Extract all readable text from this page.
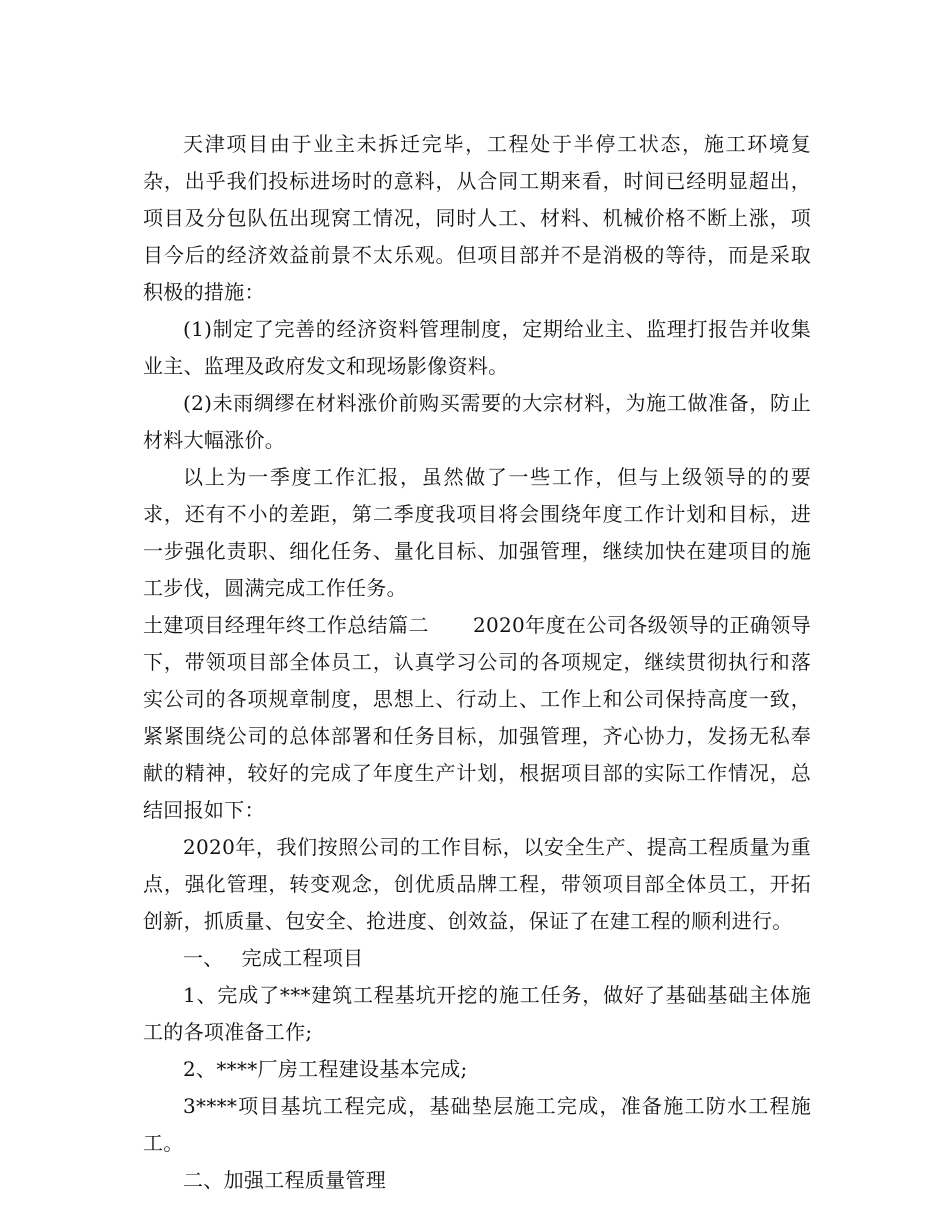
天津项目由于业主未拆迁完毕，工程处于半停工状态，施工环境复杂，出乎我们投标进场时的意料，从合同工期来看，时间已经明显超出，项目及分包队伍出现窝工情况，同时人工、材料、机械价格不断上涨，项目今后的经济效益前景不太乐观。但项目部并不是消极的等待，而是采取积极的措施：

(1)制定了完善的经济资料管理制度，定期给业主、监理打报告并收集业主、监理及政府发文和现场影像资料。

(2)未雨绸缪在材料涨价前购买需要的大宗材料，为施工做准备，防止材料大幅涨价。

以上为一季度工作汇报，虽然做了一些工作，但与上级领导的的要求，还有不小的差距，第二季度我项目将会围绕年度工作计划和目标，进一步强化责职、细化任务、量化目标、加强管理，继续加快在建项目的施工步伐，圆满完成工作任务。

土建项目经理年终工作总结篇二 2020年度在公司各级领导的正确领导下，带领项目部全体员工，认真学习公司的各项规定，继续贯彻执行和落实公司的各项规章制度，思想上、行动上、工作上和公司保持高度一致，紧紧围绕公司的总体部署和任务目标，加强管理，齐心协力，发扬无私奉献的精神，较好的完成了年度生产计划，根据项目部的实际工作情况，总结回报如下：

2020年，我们按照公司的工作目标，以安全生产、提高工程质量为重点，强化管理，转变观念，创优质品牌工程，带领项目部全体员工，开拓创新，抓质量、包安全、抢进度、创效益，保证了在建工程的顺利进行。

一、 完成工程项目

1、完成了***建筑工程基坑开挖的施工任务，做好了基础基础主体施工的各项准备工作;

2、****厂房工程建设基本完成;

3****项目基坑工程完成，基础垫层施工完成，准备施工防水工程施工。

二、加强工程质量管理
